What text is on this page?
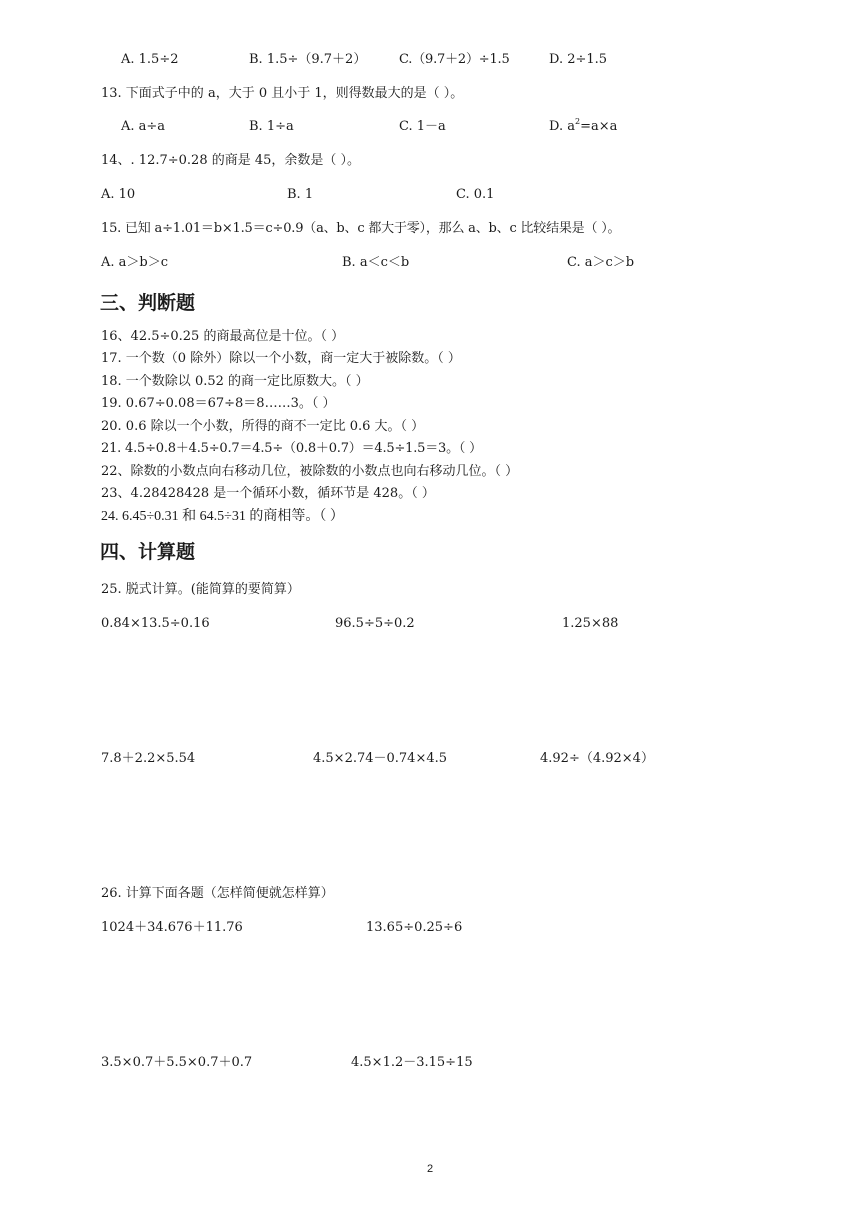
A. 1.5÷2	B. 1.5÷（9.7＋2）	C.（9.7＋2）÷1.5	D. 2÷1.5
13. 下面式子中的 a，大于 0 且小于 1，则得数最大的是（ ）。
A. a÷a	B. 1÷a	C. 1－a	D. $a^2=a\times a$
14、. 12.7÷0.28 的商是 45，余数是（ ）。
A. 10	B. 1	C. 0.1
15. 已知 a÷1.01＝b×1.5＝c÷0.9（a、b、c 都大于零），那么 a、b、c 比较结果是（ ）。
A. a＞b＞c	B. a＜c＜b	C. a＞c＞b
三、判断题
16、42.5÷0.25 的商最高位是十位。（ ）
17. 一个数（0 除外）除以一个小数，商一定大于被除数。（ ）
18. 一个数除以 0.52 的商一定比原数大。（ ）
19. 0.67÷0.08＝67÷8＝8……3。（ ）
20. 0.6 除以一个小数，所得的商不一定比 0.6 大。（ ）
21. 4.5÷0.8＋4.5÷0.7＝4.5÷（0.8＋0.7）＝4.5÷1.5＝3。（ ）
22、除数的小数点向右移动几位，被除数的小数点也向右移动几位。（ ）
23、4.28428428 是一个循环小数，循环节是 428。（ ）
24. 6.45÷0.31 和 64.5÷31 的商相等。（ ）
四、计算题
25. 脱式计算。(能简算的要简算）
0.84×13.5÷0.16	96.5÷5÷0.2	1.25×88
7.8＋2.2×5.54	4.5×2.74－0.74×4.5	4.92÷（4.92×4）
26. 计算下面各题（怎样简便就怎样算）
1024＋34.676＋11.76	13.65÷0.25÷6
3.5×0.7＋5.5×0.7＋0.7	4.5×1.2－3.15÷15
2
